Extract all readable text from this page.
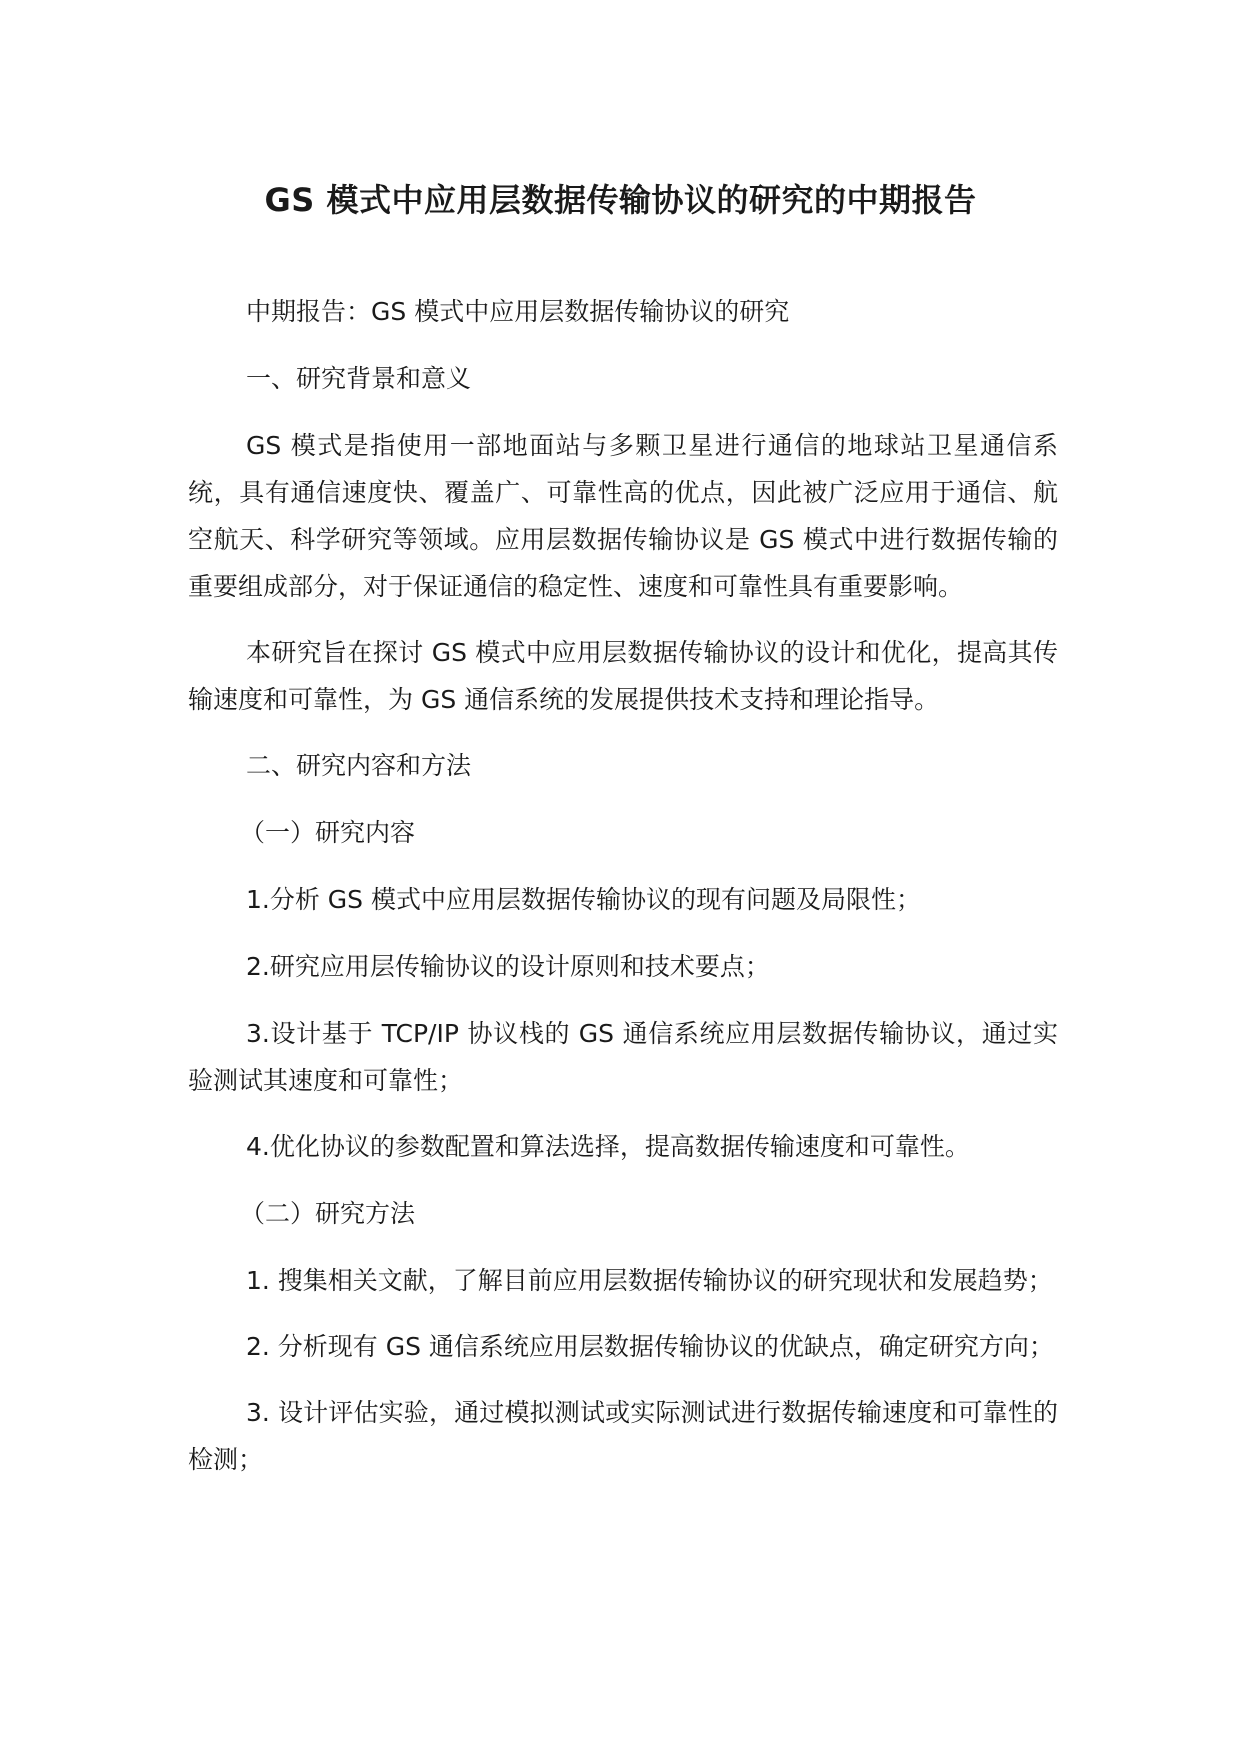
GS 模式中应用层数据传输协议的研究的中期报告

中期报告：GS 模式中应用层数据传输协议的研究

一、研究背景和意义

GS 模式是指使用一部地面站与多颗卫星进行通信的地球站卫星通信系统，具有通信速度快、覆盖广、可靠性高的优点，因此被广泛应用于通信、航空航天、科学研究等领域。应用层数据传输协议是 GS 模式中进行数据传输的重要组成部分，对于保证通信的稳定性、速度和可靠性具有重要影响。

本研究旨在探讨 GS 模式中应用层数据传输协议的设计和优化，提高其传输速度和可靠性，为 GS 通信系统的发展提供技术支持和理论指导。

二、研究内容和方法

（一）研究内容

1.分析 GS 模式中应用层数据传输协议的现有问题及局限性；

2.研究应用层传输协议的设计原则和技术要点；

3.设计基于 TCP/IP 协议栈的 GS 通信系统应用层数据传输协议，通过实验测试其速度和可靠性；

4.优化协议的参数配置和算法选择，提高数据传输速度和可靠性。

（二）研究方法

1. 搜集相关文献，了解目前应用层数据传输协议的研究现状和发展趋势；

2. 分析现有 GS 通信系统应用层数据传输协议的优缺点，确定研究方向；

3. 设计评估实验，通过模拟测试或实际测试进行数据传输速度和可靠性的检测；
